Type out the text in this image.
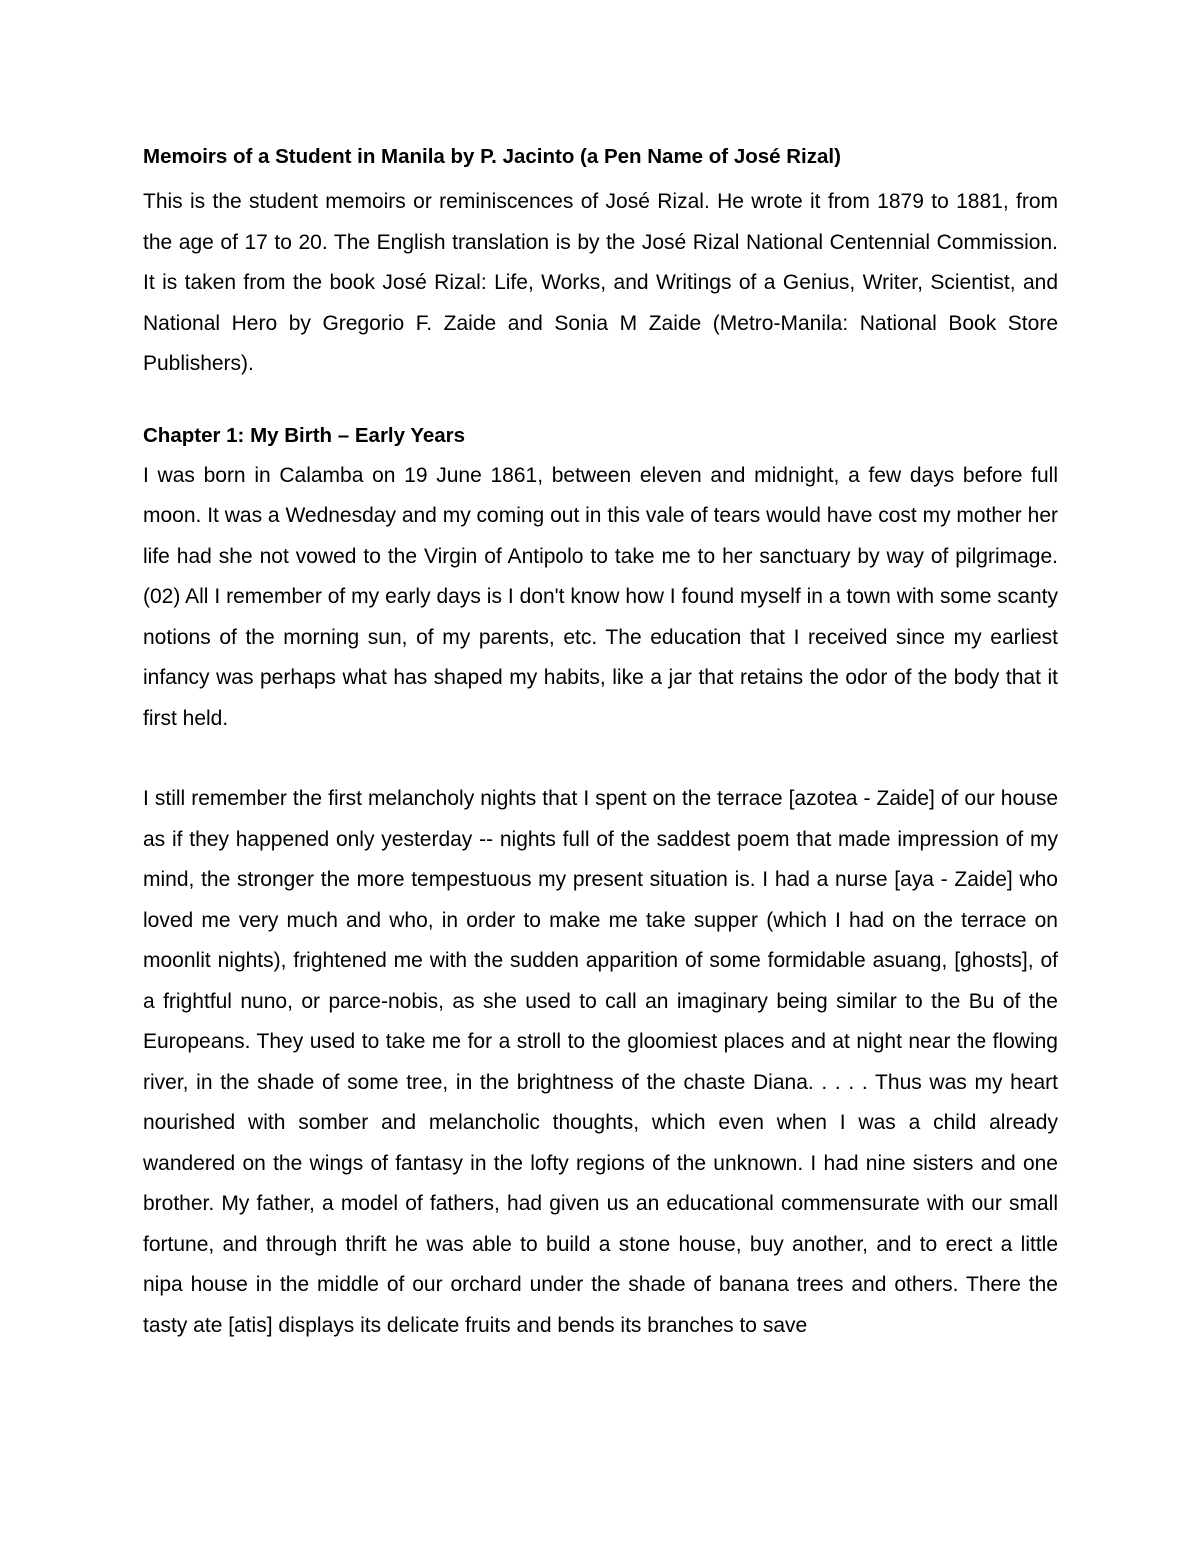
Memoirs of a Student in Manila by P. Jacinto (a Pen Name of José Rizal)

This is the student memoirs or reminiscences of José Rizal. He wrote it from 1879 to 1881, from the age of 17 to 20. The English translation is by the José Rizal National Centennial Commission. It is taken from the book José Rizal: Life, Works, and Writings of a Genius, Writer, Scientist, and National Hero by Gregorio F. Zaide and Sonia M Zaide (Metro-Manila: National Book Store Publishers).

Chapter 1: My Birth – Early Years

I was born in Calamba on 19 June 1861, between eleven and midnight, a few days before full moon. It was a Wednesday and my coming out in this vale of tears would have cost my mother her life had she not vowed to the Virgin of Antipolo to take me to her sanctuary by way of pilgrimage. (02) All I remember of my early days is I don't know how I found myself in a town with some scanty notions of the morning sun, of my parents, etc. The education that I received since my earliest infancy was perhaps what has shaped my habits, like a jar that retains the odor of the body that it first held.

I still remember the first melancholy nights that I spent on the terrace [azotea - Zaide] of our house as if they happened only yesterday -- nights full of the saddest poem that made impression of my mind, the stronger the more tempestuous my present situation is. I had a nurse [aya - Zaide] who loved me very much and who, in order to make me take supper (which I had on the terrace on moonlit nights), frightened me with the sudden apparition of some formidable asuang, [ghosts], of a frightful nuno, or parce-nobis, as she used to call an imaginary being similar to the Bu of the Europeans. They used to take me for a stroll to the gloomiest places and at night near the flowing river, in the shade of some tree, in the brightness of the chaste Diana. . . . . Thus was my heart nourished with somber and melancholic thoughts, which even when I was a child already wandered on the wings of fantasy in the lofty regions of the unknown. I had nine sisters and one brother. My father, a model of fathers, had given us an educational commensurate with our small fortune, and through thrift he was able to build a stone house, buy another, and to erect a little nipa house in the middle of our orchard under the shade of banana trees and others. There the tasty ate [atis] displays its delicate fruits and bends its branches to save
